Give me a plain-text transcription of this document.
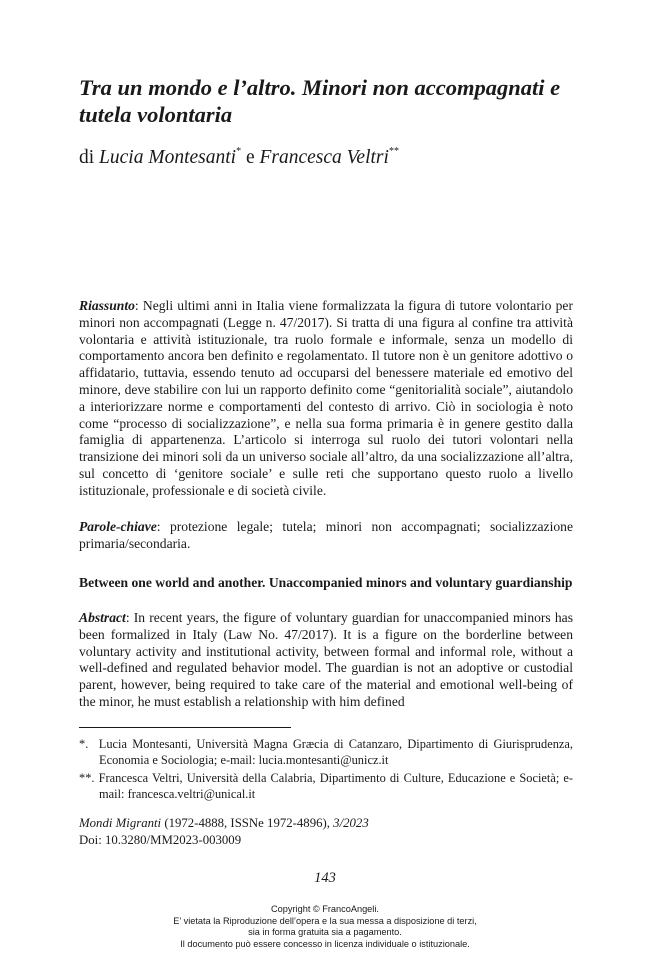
Tra un mondo e l’altro. Minori non accompagnati e tutela volontaria

di Lucia Montesanti* e Francesca Veltri**

Riassunto: Negli ultimi anni in Italia viene formalizzata la figura di tutore volontario per minori non accompagnati (Legge n. 47/2017). Si tratta di una figura al confine tra attività volontaria e attività istituzionale, tra ruolo formale e informale, senza un modello di comportamento ancora ben definito e regolamentato. Il tutore non è un genitore adottivo o affidatario, tuttavia, essendo tenuto ad occuparsi del benessere materiale ed emotivo del minore, deve stabilire con lui un rapporto definito come “genitorialità sociale”, aiutandolo a interiorizzare norme e comportamenti del contesto di arrivo. Ciò in sociologia è noto come “processo di socializzazione”, e nella sua forma primaria è in genere gestito dalla famiglia di appartenenza. L’articolo si interroga sul ruolo dei tutori volontari nella transizione dei minori soli da un universo sociale all’altro, da una socializzazione all’altra, sul concetto di ‘genitore sociale’ e sulle reti che supportano questo ruolo a livello istituzionale, professionale e di società civile.

Parole-chiave: protezione legale; tutela; minori non accompagnati; socializzazione primaria/secondaria.

Between one world and another. Unaccompanied minors and voluntary guardianship

Abstract: In recent years, the figure of voluntary guardian for unaccompanied minors has been formalized in Italy (Law No. 47/2017). It is a figure on the borderline between voluntary activity and institutional activity, between formal and informal role, without a well-defined and regulated behavior model. The guardian is not an adoptive or custodial parent, however, being required to take care of the material and emotional well-being of the minor, he must establish a relationship with him defined

*. Lucia Montesanti, Università Magna Græcia di Catanzaro, Dipartimento di Giurisprudenza, Economia e Sociologia; e-mail: lucia.montesanti@unicz.it

**. Francesca Veltri, Università della Calabria, Dipartimento di Culture, Educazione e Società; e-mail: francesca.veltri@unical.it

Mondi Migranti (1972-4888, ISSNe 1972-4896), 3/2023
Doi: 10.3280/MM2023-003009

143

Copyright © FrancoAngeli.
E’ vietata la Riproduzione dell’opera e la sua messa a disposizione di terzi,
sia in forma gratuita sia a pagamento.
Il documento può essere concesso in licenza individuale o istituzionale.
